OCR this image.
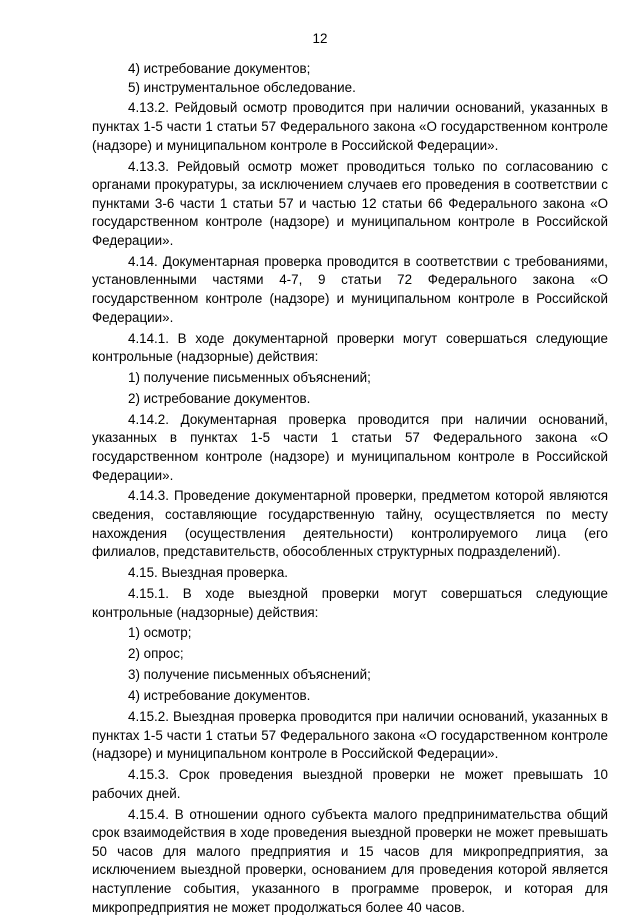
12

4) истребование документов;

5) инструментальное обследование.

4.13.2. Рейдовый осмотр проводится при наличии оснований, указанных в пунктах 1-5 части 1 статьи 57 Федерального закона «О государственном контроле (надзоре) и муниципальном контроле в Российской Федерации».

4.13.3. Рейдовый осмотр может проводиться только по согласованию с органами прокуратуры, за исключением случаев его проведения в соответствии с пунктами 3-6 части 1 статьи 57 и частью 12 статьи 66 Федерального закона «О государственном контроле (надзоре) и муниципальном контроле в Российской Федерации».

4.14. Документарная проверка проводится в соответствии с требованиями, установленными частями 4-7, 9 статьи 72 Федерального закона «О государственном контроле (надзоре) и муниципальном контроле в Российской Федерации».

4.14.1. В ходе документарной проверки могут совершаться следующие контрольные (надзорные) действия:

1) получение письменных объяснений;

2) истребование документов.

4.14.2. Документарная проверка проводится при наличии оснований, указанных в пунктах 1-5 части 1 статьи 57 Федерального закона «О государственном контроле (надзоре) и муниципальном контроле в Российской Федерации».

4.14.3. Проведение документарной проверки, предметом которой являются сведения, составляющие государственную тайну, осуществляется по месту нахождения (осуществления деятельности) контролируемого лица (его филиалов, представительств, обособленных структурных подразделений).

4.15. Выездная проверка.

4.15.1. В ходе выездной проверки могут совершаться следующие контрольные (надзорные) действия:

1) осмотр;

2) опрос;

3) получение письменных объяснений;

4) истребование документов.

4.15.2. Выездная проверка проводится при наличии оснований, указанных в пунктах 1-5 части 1 статьи 57 Федерального закона «О государственном контроле (надзоре) и муниципальном контроле в Российской Федерации».

4.15.3. Срок проведения выездной проверки не может превышать 10 рабочих дней.

4.15.4. В отношении одного субъекта малого предпринимательства общий срок взаимодействия в ходе проведения выездной проверки не может превышать 50 часов для малого предприятия и 15 часов для микропредприятия, за исключением выездной проверки, основанием для проведения которой является наступление события, указанного в программе проверок, и которая для микропредприятия не может продолжаться более 40 часов.
